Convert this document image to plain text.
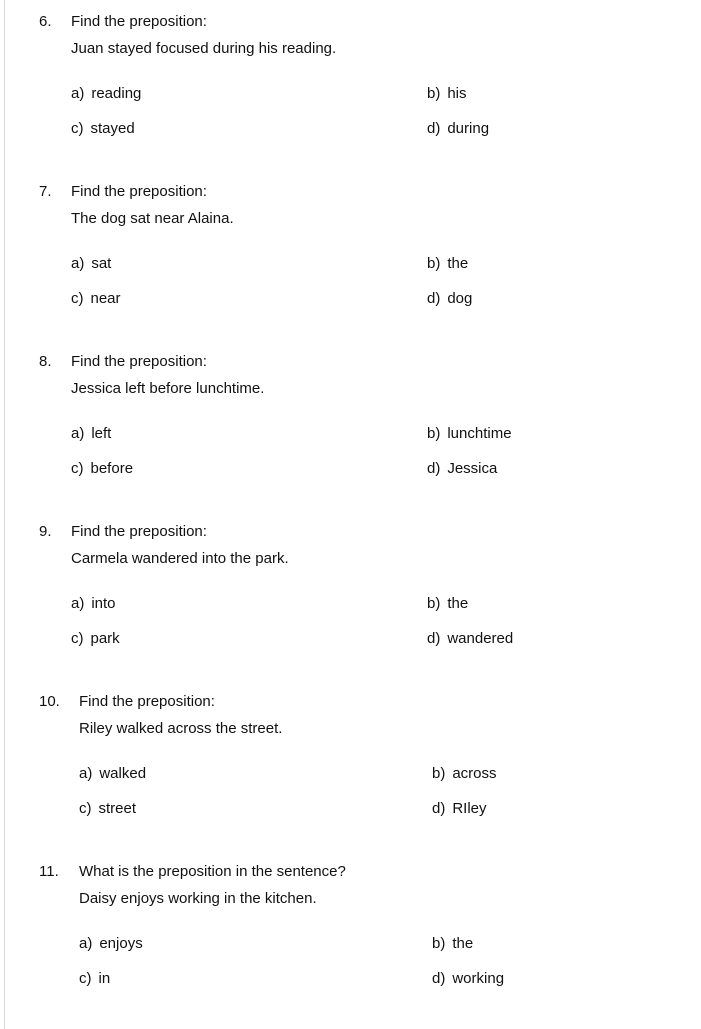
6. Find the preposition:
Juan stayed focused during his reading.
a) reading	b) his
c) stayed	d) during
7. Find the preposition:
The dog sat near Alaina.
a) sat	b) the
c) near	d) dog
8. Find the preposition:
Jessica left before lunchtime.
a) left	b) lunchtime
c) before	d) Jessica
9. Find the preposition:
Carmela wandered into the park.
a) into	b) the
c) park	d) wandered
10. Find the preposition:
Riley walked across the street.
a) walked	b) across
c) street	d) RIley
11. What is the preposition in the sentence?
Daisy enjoys working in the kitchen.
a) enjoys	b) the
c) in	d) working
